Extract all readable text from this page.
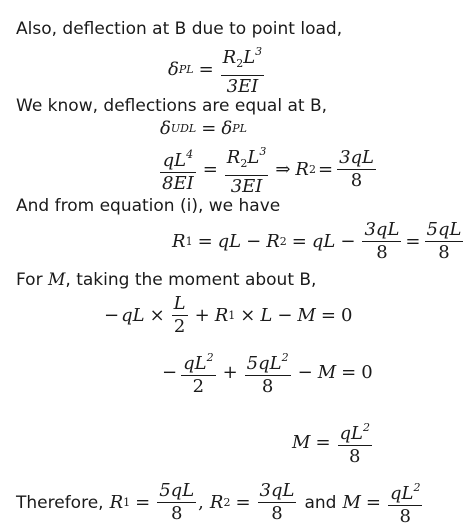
Also, deflection at B due to point load,
δ PL = $\frac{R_2L^3}{3EI}$
We know, deflections are equal at B,
δ UDL = δ PL
$\frac{qL^4}{8EI} = \frac{R_2L^3}{3EI}$ ⇒ R $2 = \frac{3qL}{8}$
And from equation (i), we have
R 1 = qL − R 2 = qL − $\frac{3qL}{8} = \frac{5qL}{8}$
For M, taking the moment about B,
− qL × $\frac{L}{2} + R$ 1 × L − M = 0
− $\frac{qL^2}{2} + \frac{5qL^2}{8} - M = 0$
$M = \frac{qL^2}{8}$
Therefore, R $1 = \frac{5qL}{8}$ , R $2 = \frac{3qL}{8}$ and $M = \frac{qL^2}{8}$
